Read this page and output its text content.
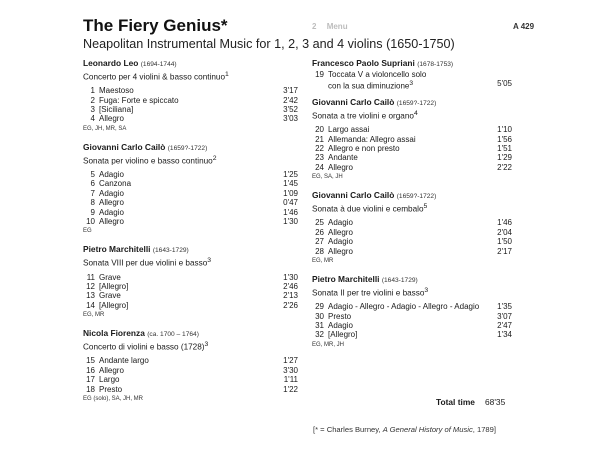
The Fiery Genius*
Neapolitan Instrumental Music for 1, 2, 3 and 4 violins (1650-1750)
2 Menu	A 429
Leonardo Leo (1694-1744)
Concerto per 4 violini & basso continuo$^1$
1 Maestoso	3'17
2 Fuga: Forte e spiccato	2'42
3 [Siciliana]	3'52
4 Allegro	3'03
EG, JH, MR, SA
Giovanni Carlo Cailò (1659?-1722)
Sonata per violino e basso continuo$^2$
5 Adagio	1'25
6 Canzona	1'45
7 Adagio	1'09
8 Allegro	0'47
9 Adagio	1'46
10 Allegro	1'30
EG
Pietro Marchitelli (1643-1729)
Sonata VIII per due violini e basso$^3$
11 Grave	1'30
12 [Allegro]	2'46
13 Grave	2'13
14 [Allegro]	2'26
EG, MR
Nicola Fiorenza (ca. 1700 – 1764)
Concerto di violini e basso $(1728)^3$
15 Andante largo	1'27
16 Allegro	3'30
17 Largo	1'11
18 Presto	1'22
EG (solo), SA, JH, MR
Francesco Paolo Supriani (1678-1753)
19 Toccata V a violoncello solo
con la sua diminuzione$^3$	5'05
Giovanni Carlo Cailò (1659?-1722)
Sonata a tre violini e organo$^4$
20 Largo assai	1'10
21 Allemanda: Allegro assai	1'56
22 Allegro e non presto	1'51
23 Andante	1'29
24 Allegro	2'22
EG, SA, JH
Giovanni Carlo Cailò (1659?-1722)
Sonata à due violini e cembalo$^5$
25 Adagio	1'46
26 Allegro	2'04
27 Adagio	1'50
28 Allegro	2'17
EG, MR
Pietro Marchitelli (1643-1729)
Sonata II per tre violini e basso$^3$
29 Adagio - Allegro - Adagio - Allegro - Adagio 1'35
30 Presto	3'07
31 Adagio	2'47
32 [Allegro]	1'34
EG, MR, JH
Total time 68'35
[* = Charles Burney, A General History of Music, 1789]
